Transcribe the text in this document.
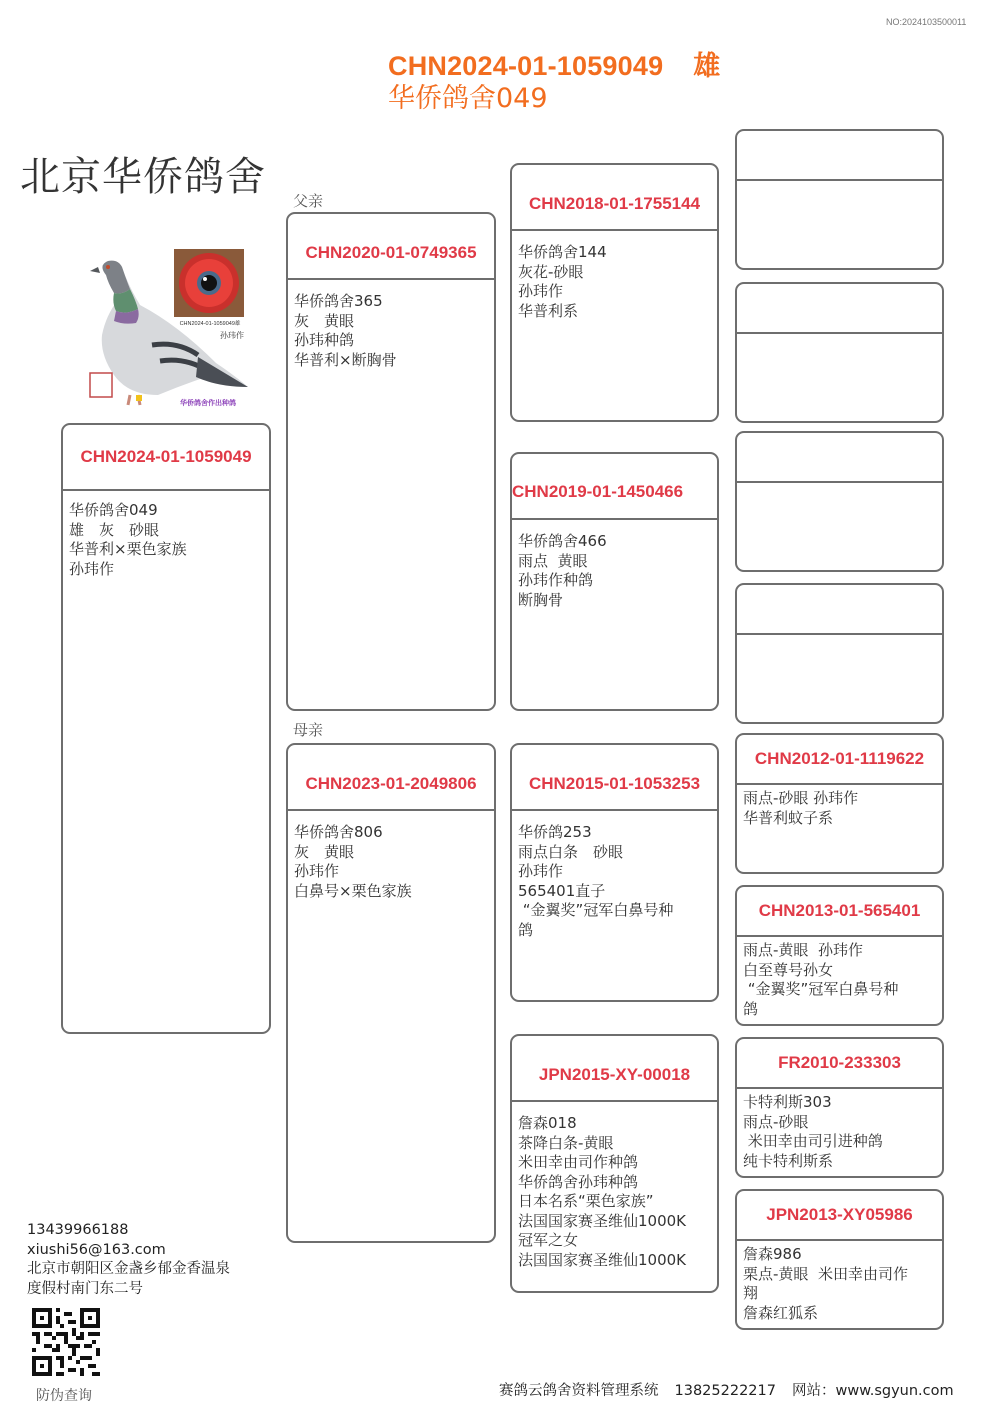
NO:2024103500011
CHN2024-01-1059049 雄
华侨鸽舍049
北京华侨鸽舍
CHN2024-01-1059049雄
孙玮作
华侨鸽舍作出种鸽
CHN2024-01-1059049
华侨鸽舍049
雄　灰　砂眼
华普利×栗色家族
孙玮作
父亲
母亲
CHN2020-01-0749365
华侨鸽舍365
灰　黄眼
孙玮种鸽
华普利×断胸骨
CHN2023-01-2049806
华侨鸽舍806
灰　黄眼
孙玮作
白鼻号×栗色家族
CHN2018-01-1755144
华侨鸽舍144
灰花-砂眼
孙玮作
华普利系
CHN2019-01-1450466
华侨鸽舍466
雨点  黄眼
孙玮作种鸽
断胸骨
CHN2015-01-1053253
华侨鸽253
雨点白条　砂眼
孙玮作
565401直子
“金翼奖”冠军白鼻号种
鸽
JPN2015-XY-00018
詹森018
茶降白条-黄眼
米田幸由司作种鸽
华侨鸽舍孙玮种鸽
日本名系“栗色家族”
法国国家赛圣维仙1000K
冠军之女
法国国家赛圣维仙1000K
CHN2012-01-1119622
雨点-砂眼 孙玮作
华普利蚊子系
CHN2013-01-565401
雨点-黄眼  孙玮作
白至尊号孙女
“金翼奖”冠军白鼻号种
鸽
FR2010-233303
卡特利斯303
雨点-砂眼
米田幸由司引进种鸽
纯卡特利斯系
JPN2013-XY05986
詹森986
栗点-黄眼  米田幸由司作
翔
詹森红狐系
13439966188
xiushi56@163.com
北京市朝阳区金盏乡郁金香温泉
度假村南门东二号
防伪查询	赛鸽云鸽舍资料管理系统 13825222217 网站：www.sgyun.com
